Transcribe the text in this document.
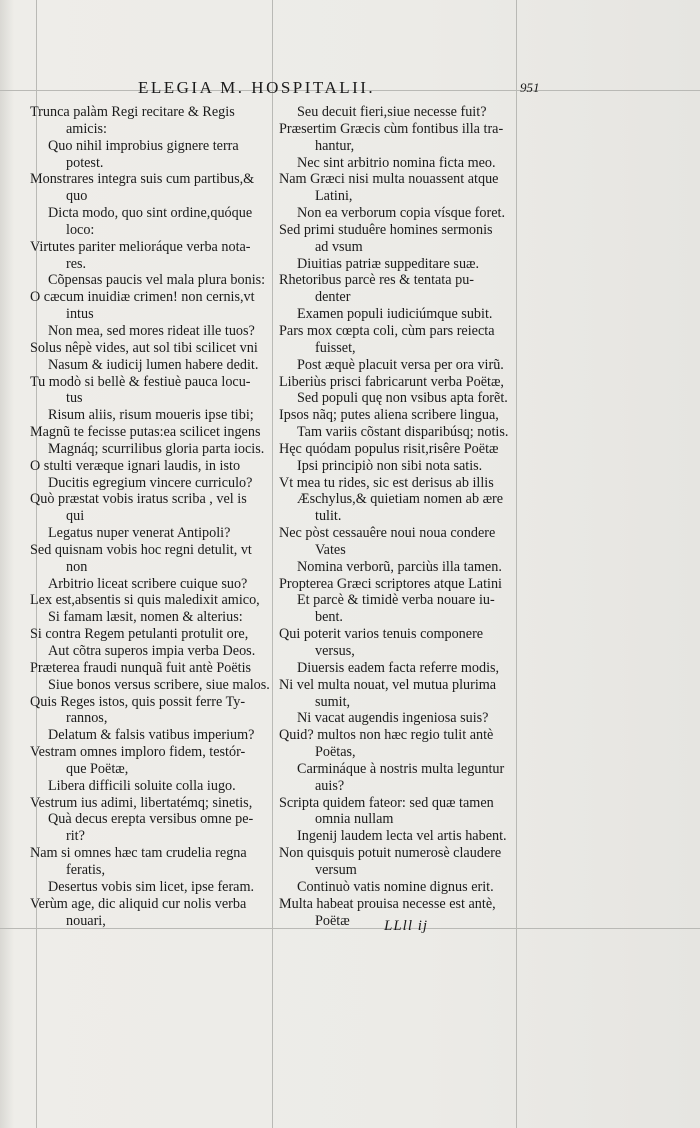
ELEGIA M. HOSPITALII.	951
Trunca palàm Regi recitare & Regis
amicis:
Quo nihil improbius gignere terra
potest.
Monstrares integra suis cum partibus,&
quo
Dicta modo, quo sint ordine,quóque
loco:
Virtutes pariter melioráque verba nota-
res.
Cõpensas paucis vel mala plura bonis:
O cæcum inuidiæ crimen! non cernis,vt
intus
Non mea, sed mores rideat ille tuos?
Solus nêpè vides, aut sol tibi scilicet vni
Nasum & iudicij lumen habere dedit.
Tu modò si bellè & festiuè pauca locu-
tus
Risum aliis, risum moueris ipse tibi;
Magnũ te fecisse putas:ea scilicet ingens
Magnáq; scurrilibus gloria parta iocis.
O stulti veræque ignari laudis, in isto
Ducitis egregium vincere curriculo?
Quò præstat vobis iratus scriba , vel is
qui
Legatus nuper venerat Antipoli?
Sed quisnam vobis hoc regni detulit, vt
non
Arbitrio liceat scribere cuique suo?
Lex est,absentis si quis maledixit amico,
Si famam læsit, nomen & alterius:
Si contra Regem petulanti protulit ore,
Aut cõtra superos impia verba Deos.
Præterea fraudi nunquã fuit antè Poëtis
Siue bonos versus scribere, siue malos.
Quis Reges istos, quis possit ferre Ty-
rannos,
Delatum & falsis vatibus imperium?
Vestram omnes imploro fidem, testór-
que Poëtæ,
Libera difficili soluite colla iugo.
Vestrum ius adimi, libertatémq; sinetis,
Quà decus erepta versibus omne pe-
rit?
Nam si omnes hæc tam crudelia regna
feratis,
Desertus vobis sim licet, ipse feram.
Verùm age, dic aliquid cur nolis verba
nouari,
Seu decuit fieri,siue necesse fuit?
Præsertim Græcis cùm fontibus illa tra-
hantur,
Nec sint arbitrio nomina ficta meo.
Nam Græci nisi multa nouassent atque
Latini,
Non ea verborum copia vísque foret.
Sed primi studuêre homines sermonis
ad vsum
Diuitias patriæ suppeditare suæ.
Rhetoribus parcè res & tentata pu-
denter
Examen populi iudiciúmque subit.
Pars mox cœpta coli, cùm pars reiecta
fuisset,
Post æquè placuit versa per ora virũ.
Liberiùs prisci fabricarunt verba Poëtæ,
Sed populi quę non vsibus apta forẽt.
Ipsos nãq; putes aliena scribere lingua,
Tam variis cõstant disparibúsq; notis.
Hęc quódam populus risit,risêre Poëtæ
Ipsi principiò non sibi nota satis.
Vt mea tu rides, sic est derisus ab illis
Æschylus,& quietiam nomen ab ære
tulit.
Nec pòst cessauêre noui noua condere
Vates
Nomina verborũ, parciùs illa tamen.
Propterea Græci scriptores atque Latini
Et parcè & timidè verba nouare iu-
bent.
Qui poterit varios tenuis componere
versus,
Diuersis eadem facta referre modis,
Ni vel multa nouat, vel mutua plurima
sumit,
Ni vacat augendis ingeniosa suis?
Quid? multos non hæc regio tulit antè
Poëtas,
Carmináque à nostris multa leguntur
auis?
Scripta quidem fateor: sed quæ tamen
omnia nullam
Ingenij laudem lecta vel artis habent.
Non quisquis potuit numerosè claudere
versum
Continuò vatis nomine dignus erit.
Multa habeat prouisa necesse est antè,
Poëtæ	LLll ij
